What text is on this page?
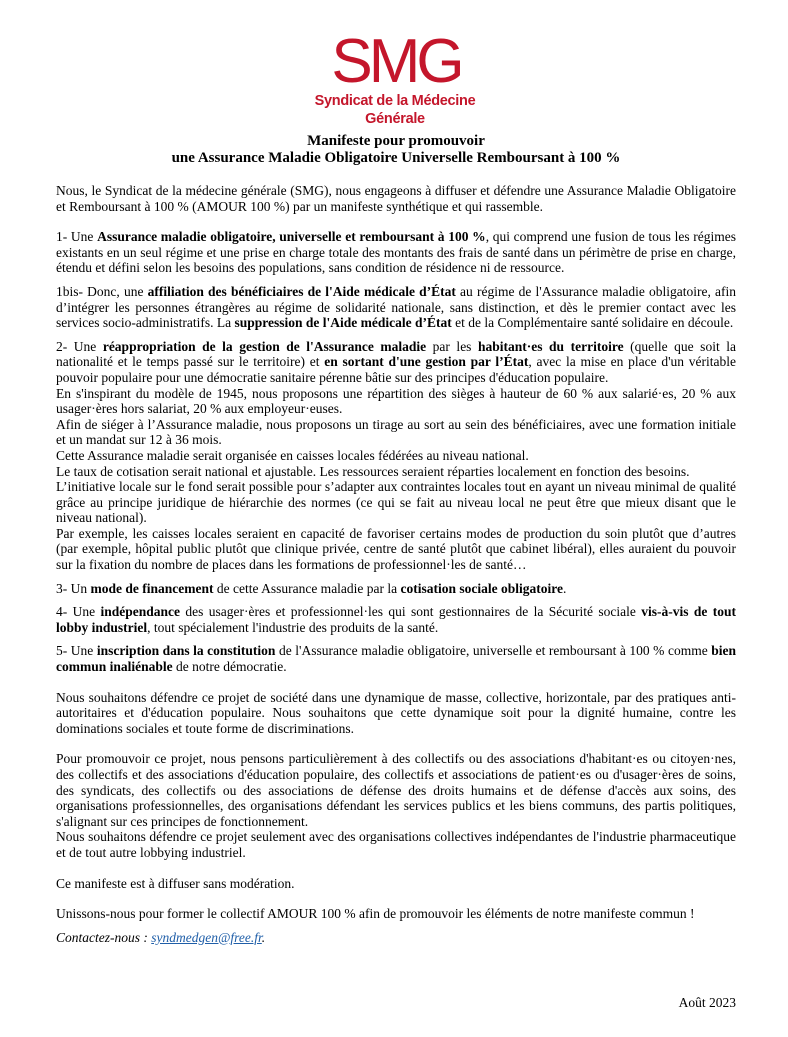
SMG
Syndicat de la Médecine Générale
Manifeste pour promouvoir
une Assurance Maladie Obligatoire Universelle Remboursant à 100 %

Nous, le Syndicat de la médecine générale (SMG), nous engageons à diffuser et défendre une Assurance Maladie Obligatoire et Remboursant à 100 % (AMOUR 100 %) par un manifeste synthétique et qui rassemble.

1- Une Assurance maladie obligatoire, universelle et remboursant à 100 %, qui comprend une fusion de tous les régimes existants en un seul régime et une prise en charge totale des montants des frais de santé dans un périmètre de prise en charge, étendu et défini selon les besoins des populations, sans condition de résidence ni de ressource.

1bis- Donc, une affiliation des bénéficiaires de l'Aide médicale d’État au régime de l'Assurance maladie obligatoire, afin d’intégrer les personnes étrangères au régime de solidarité nationale, sans distinction, et dès le premier contact avec les services socio-administratifs. La suppression de l'Aide médicale d’État et de la Complémentaire santé solidaire en découle.

2- Une réappropriation de la gestion de l'Assurance maladie par les habitant·es du territoire (quelle que soit la nationalité et le temps passé sur le territoire) et en sortant d'une gestion par l’État, avec la mise en place d'un véritable pouvoir populaire pour une démocratie sanitaire pérenne bâtie sur des principes d'éducation populaire.

En s'inspirant du modèle de 1945, nous proposons une répartition des sièges à hauteur de 60 % aux salarié·es, 20 % aux usager·ères hors salariat, 20 % aux employeur·euses.

Afin de siéger à l’Assurance maladie, nous proposons un tirage au sort au sein des bénéficiaires, avec une formation initiale et un mandat sur 12 à 36 mois.

Cette Assurance maladie serait organisée en caisses locales fédérées au niveau national.

Le taux de cotisation serait national et ajustable. Les ressources seraient réparties localement en fonction des besoins.

L’initiative locale sur le fond serait possible pour s’adapter aux contraintes locales tout en ayant un niveau minimal de qualité grâce au principe juridique de hiérarchie des normes (ce qui se fait au niveau local ne peut être que mieux disant que le niveau national).

Par exemple, les caisses locales seraient en capacité de favoriser certains modes de production du soin plutôt que d’autres (par exemple, hôpital public plutôt que clinique privée, centre de santé plutôt que cabinet libéral), elles auraient du pouvoir sur la fixation du nombre de places dans les formations de professionnel·les de santé…

3- Un mode de financement de cette Assurance maladie par la cotisation sociale obligatoire.

4- Une indépendance des usager·ères et professionnel·les qui sont gestionnaires de la Sécurité sociale vis-à-vis de tout lobby industriel, tout spécialement l'industrie des produits de la santé.

5- Une inscription dans la constitution de l'Assurance maladie obligatoire, universelle et remboursant à 100 % comme bien commun inaliénable de notre démocratie.

Nous souhaitons défendre ce projet de société dans une dynamique de masse, collective, horizontale, par des pratiques anti-autoritaires et d'éducation populaire. Nous souhaitons que cette dynamique soit pour la dignité humaine, contre les dominations sociales et toute forme de discriminations.

Pour promouvoir ce projet, nous pensons particulièrement à des collectifs ou des associations d'habitant·es ou citoyen·nes, des collectifs et des associations d'éducation populaire, des collectifs et associations de patient·es ou d'usager·ères de soins, des syndicats, des collectifs ou des associations de défense des droits humains et de défense d'accès aux soins, des organisations professionnelles, des organisations défendant les services publics et les biens communs, des partis politiques, s'alignant sur ces principes de fonctionnement.

Nous souhaitons défendre ce projet seulement avec des organisations collectives indépendantes de l'industrie pharmaceutique et de tout autre lobbying industriel.

Ce manifeste est à diffuser sans modération.

Unissons-nous pour former le collectif AMOUR 100 % afin de promouvoir les éléments de notre manifeste commun !

Contactez-nous : syndmedgen@free.fr.

Août 2023
